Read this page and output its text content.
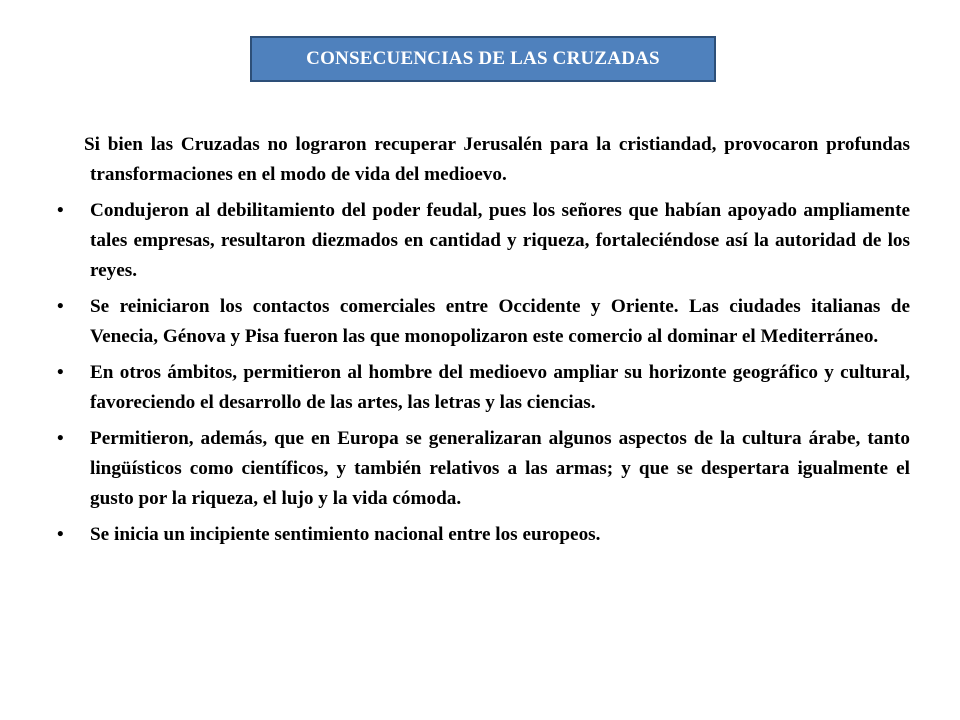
CONSECUENCIAS DE LAS CRUZADAS

Si bien las Cruzadas no lograron recuperar Jerusalén para la cristiandad, provocaron profundas transformaciones en el modo de vida del medioevo.

• Condujeron al debilitamiento del poder feudal, pues los señores que habían apoyado ampliamente tales empresas, resultaron diezmados en cantidad y riqueza, fortaleciéndose así la autoridad de los reyes.
• Se reiniciaron los contactos comerciales entre Occidente y Oriente. Las ciudades italianas de Venecia, Génova y Pisa fueron las que monopolizaron este comercio al dominar el Mediterráneo.
• En otros ámbitos, permitieron al hombre del medioevo ampliar su horizonte geográfico y cultural, favoreciendo el desarrollo de las artes, las letras y las ciencias.
• Permitieron, además, que en Europa se generalizaran algunos aspectos de la cultura árabe, tanto lingüísticos como científicos, y también relativos a las armas; y que se despertara igualmente el gusto por la riqueza, el lujo y la vida cómoda.
• Se inicia un incipiente sentimiento nacional entre los europeos.
